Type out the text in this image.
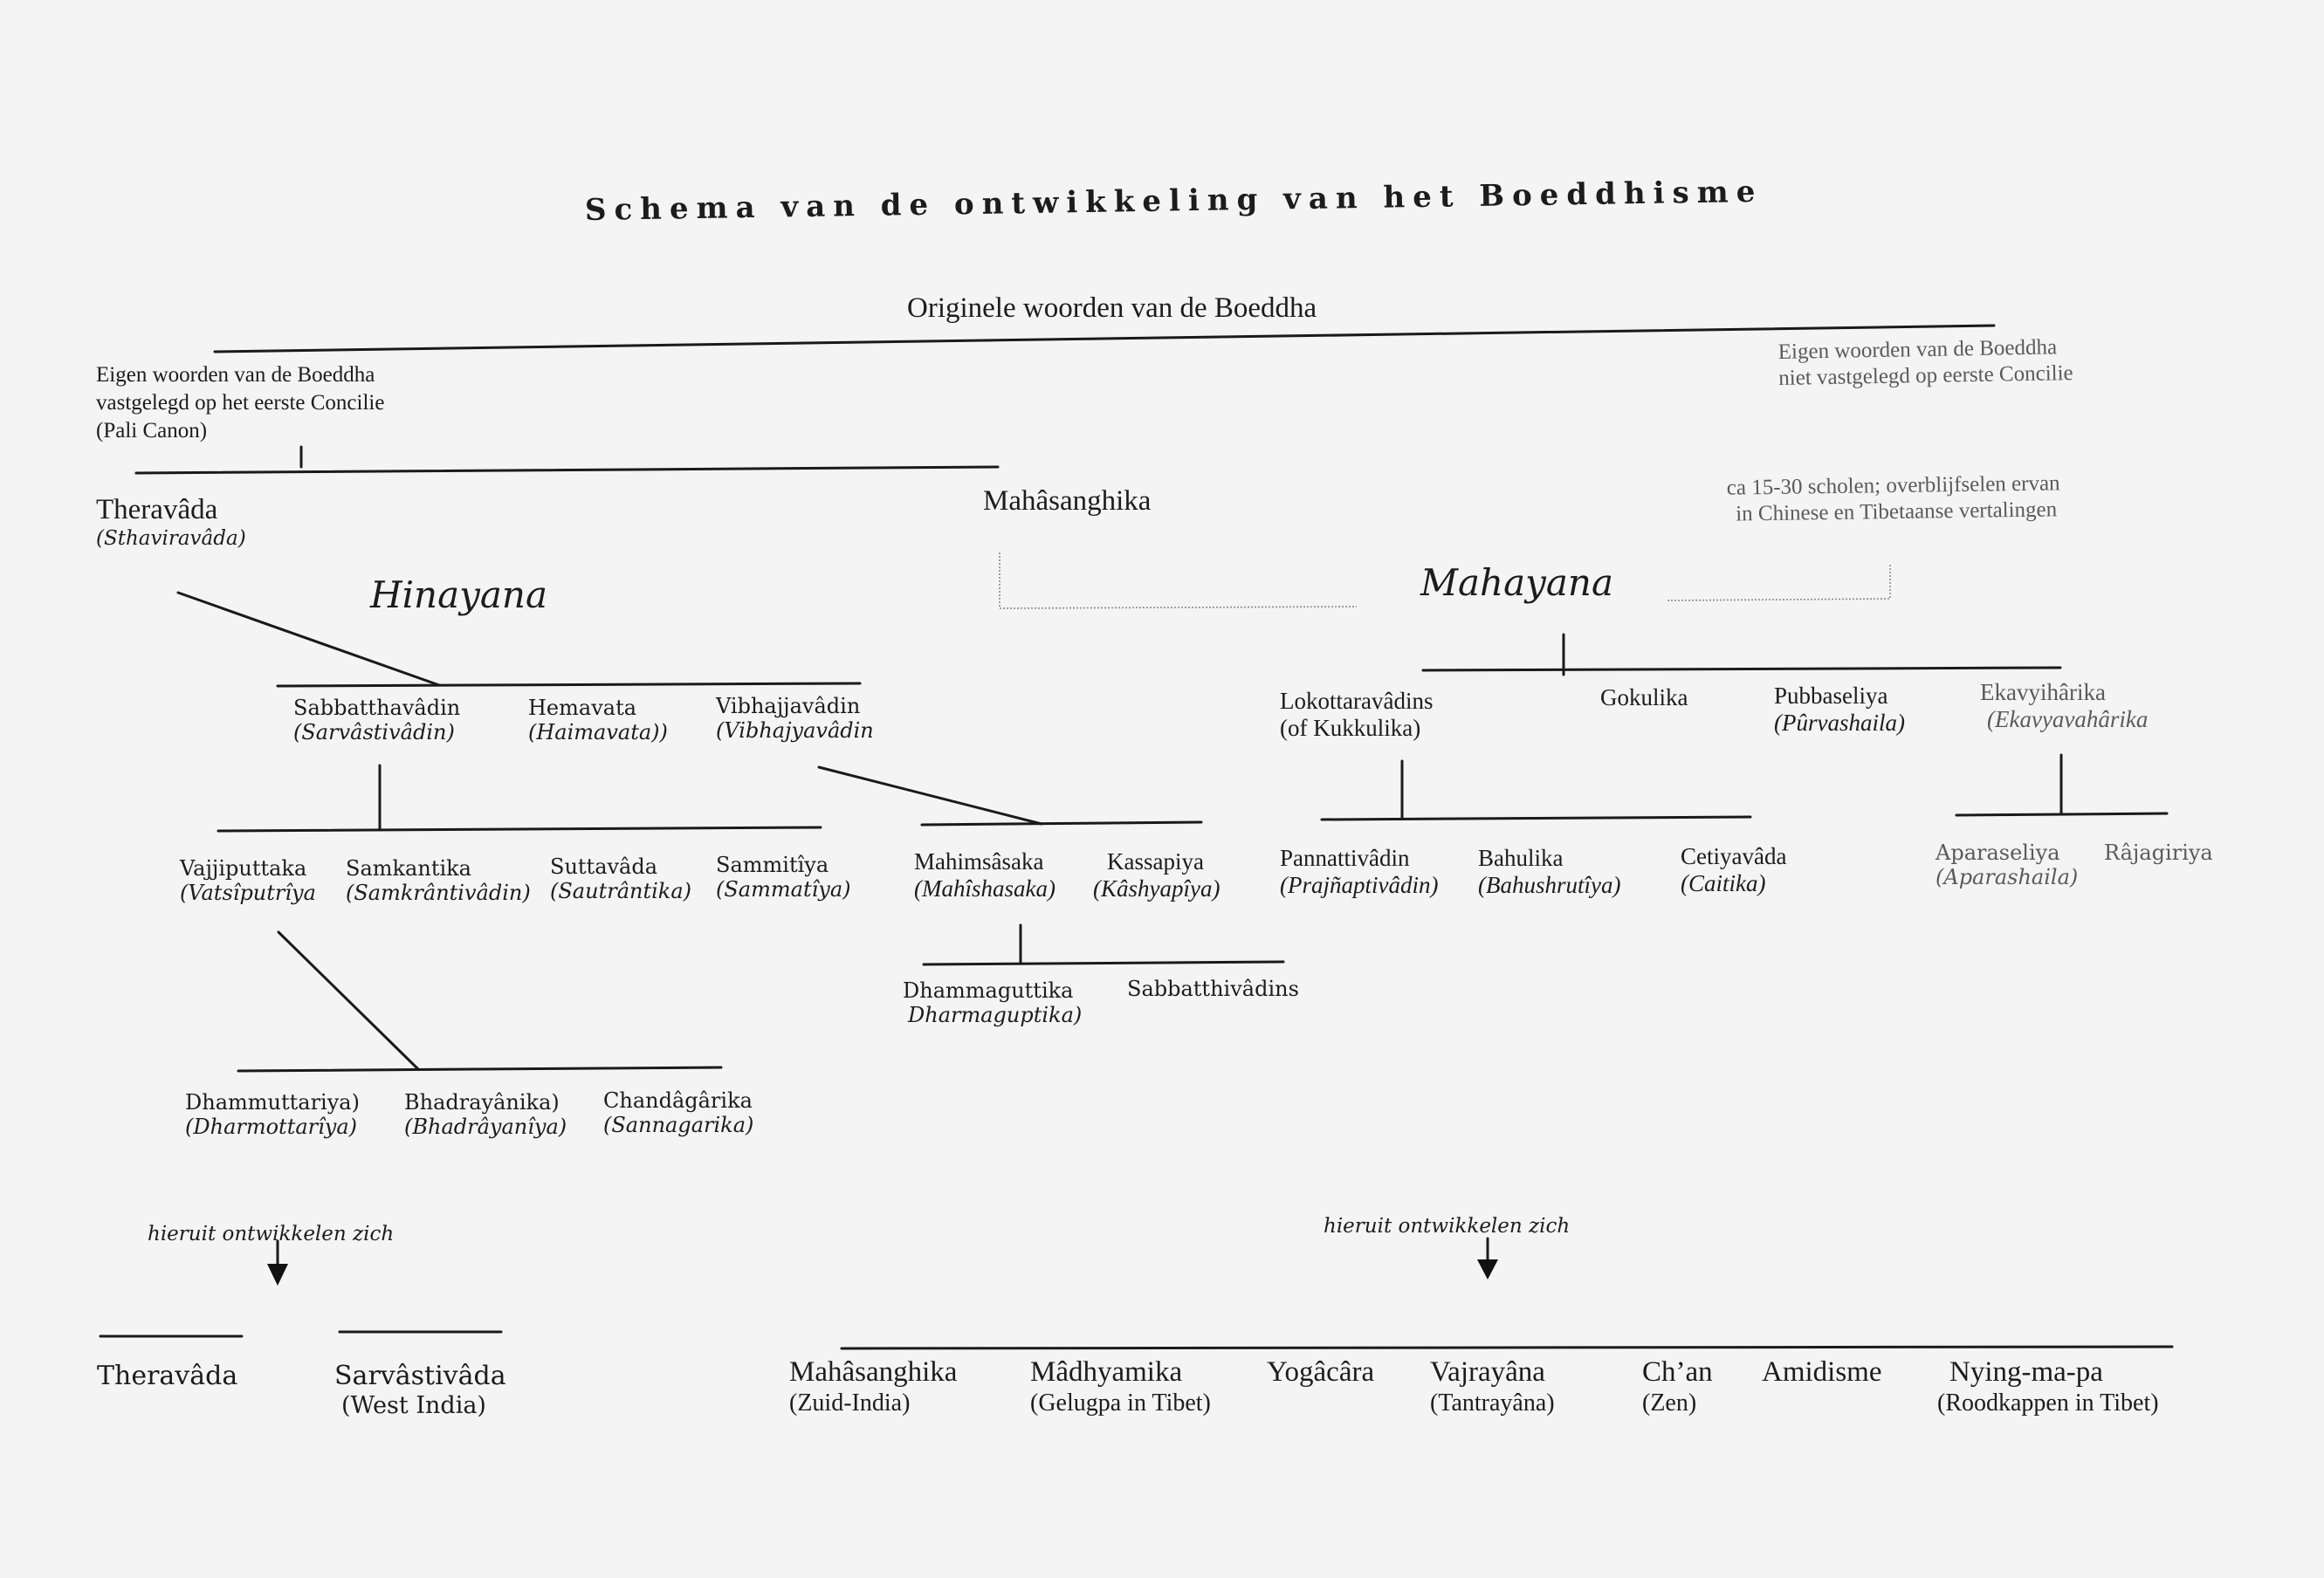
Schema van de ontwikkeling van het Boeddhisme
Originele woorden van de Boeddha
Eigen woorden van de Boeddha
vastgelegd op het eerste Concilie
(Pali Canon)
Eigen woorden van de Boeddha
niet vastgelegd op eerste Concilie
Theravâda
(Sthaviravâda)
Mahâsanghika	ca 15-30 scholen; overblijfselen ervan
in Chinese en Tibetaanse vertalingen
Hinayana	Mahayana
Sabbatthavâdin
(Sarvâstivâdin)
Hemavata
(Haimavata))
Vibhajjavâdin
(Vibhajyavâdin
Lokottaravâdins
(of Kukkulika)
Gokulika	Pubbaseliya
(Pûrvashaila)
Ekavyihârika
(Ekavyavahârika
Vajjiputtaka
(Vatsîputrîya
Samkantika
(Samkrântivâdin)
Suttavâda
(Sautrântika)
Sammitîya
(Sammatîya)
Mahimsâsaka
(Mahîshasaka)
Kassapiya
(Kâshyapîya)
Pannattivâdin
(Prajñaptivâdin)
Bahulika
(Bahushrutîya)
Cetiyavâda
(Caitika)
Aparaseliya
(Aparashaila)
Râjagiriya
Dhammaguttika
Dharmaguptika)
Sabbatthivâdins
Dhammuttariya)
(Dharmottarîya)
Bhadrayânika)
(Bhadrâyanîya)
Chandâgârika
(Sannagarika)
hieruit ontwikkelen zich	hieruit ontwikkelen zich
Theravâda	Sarvâstivâda
(West India)
Mahâsanghika
(Zuid-India)
Mâdhyamika
(Gelugpa in Tibet)
Yogâcâra Vajrayâna
(Tantrayâna)
Ch’an
(Zen)
Amidisme	Nying-ma-pa
(Roodkappen in Tibet)
